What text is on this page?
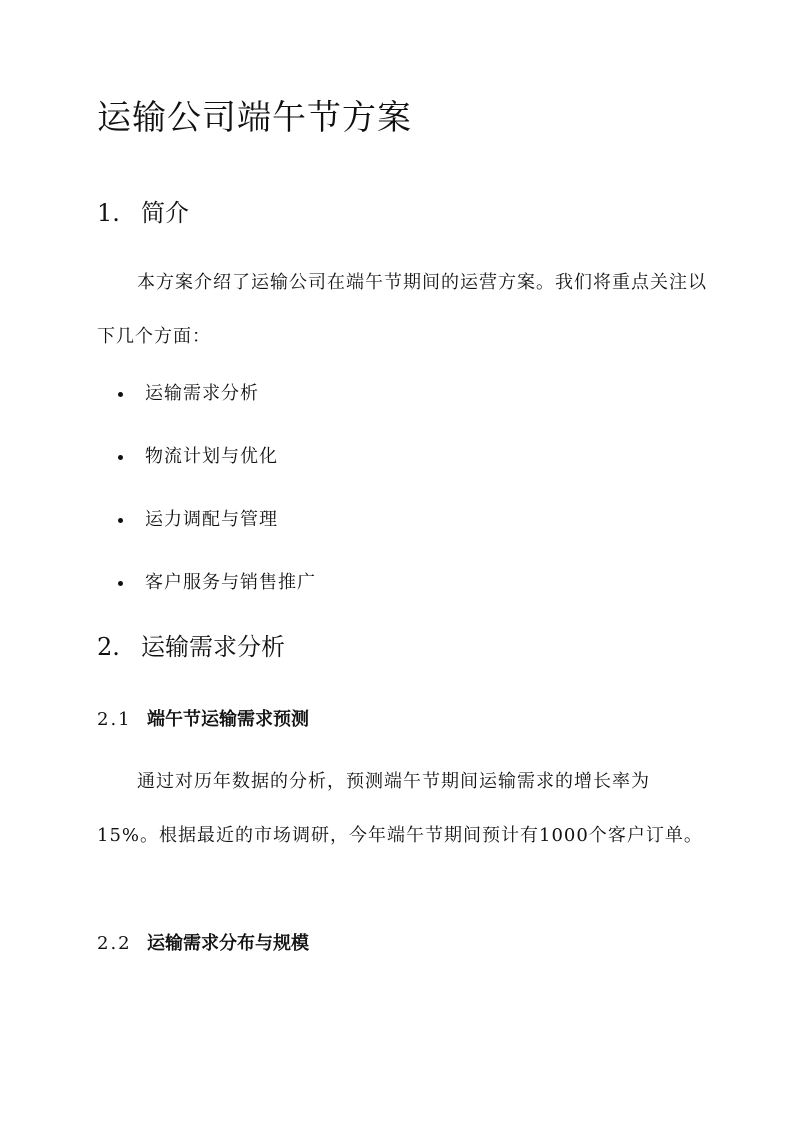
运输公司端午节方案
1. 简介

本方案介绍了运输公司在端午节期间的运营方案。我们将重点关注以下几个方面：

运输需求分析
物流计划与优化
运力调配与管理
客户服务与销售推广
2. 运输需求分析
2.1 端午节运输需求预测

通过对历年数据的分析，预测端午节期间运输需求的增长率为15%。根据最近的市场调研，今年端午节期间预计有1000个客户订单。

2.2 运输需求分布与规模
